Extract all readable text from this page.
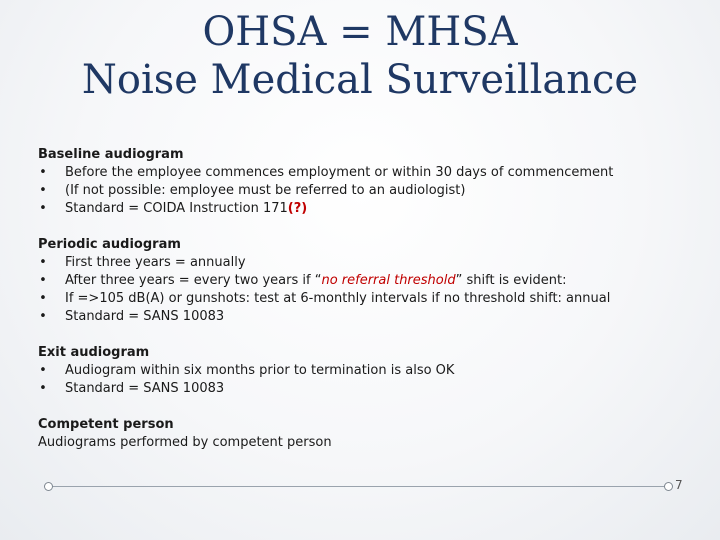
OHSA = MHSA
Noise Medical Surveillance
Baseline audiogram
• Before the employee commences employment or within 30 days of commencement
• (If not possible: employee must be referred to an audiologist)
• Standard = COIDA Instruction 171(?)
Periodic audiogram
• First three years = annually
• After three years = every two years if “no referral threshold” shift is evident:
• If =>105 dB(A) or gunshots: test at 6-monthly intervals if no threshold shift: annual
• Standard = SANS 10083
Exit audiogram
• Audiogram within six months prior to termination is also OK
• Standard = SANS 10083
Competent person
Audiograms performed by competent person
7
